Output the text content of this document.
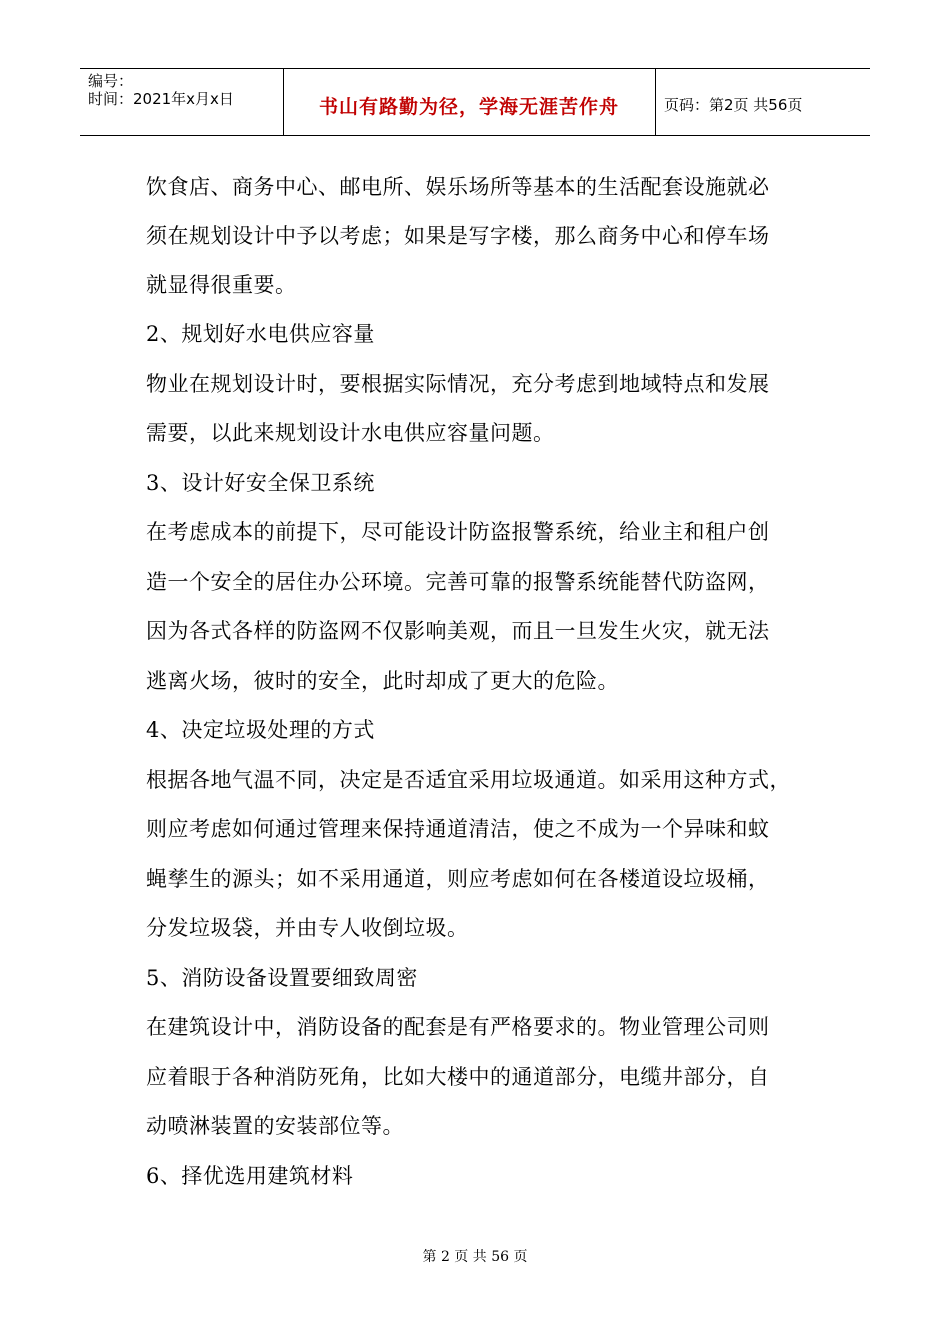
编号：
时间：2021年x月x日	书山有路勤为径，学海无涯苦作舟	页码：第2页 共56页
饮食店、商务中心、邮电所、娱乐场所等基本的生活配套设施就必
须在规划设计中予以考虑；如果是写字楼，那么商务中心和停车场
就显得很重要。
2、规划好水电供应容量
物业在规划设计时，要根据实际情况，充分考虑到地域特点和发展
需要，以此来规划设计水电供应容量问题。
3、设计好安全保卫系统
在考虑成本的前提下，尽可能设计防盗报警系统，给业主和租户创
造一个安全的居住办公环境。完善可靠的报警系统能替代防盗网，
因为各式各样的防盗网不仅影响美观，而且一旦发生火灾，就无法
逃离火场，彼时的安全，此时却成了更大的危险。
4、决定垃圾处理的方式
根据各地气温不同，决定是否适宜采用垃圾通道。如采用这种方式，
则应考虑如何通过管理来保持通道清洁，使之不成为一个异味和蚊
蝇孳生的源头；如不采用通道，则应考虑如何在各楼道设垃圾桶，
分发垃圾袋，并由专人收倒垃圾。
5、消防设备设置要细致周密
在建筑设计中，消防设备的配套是有严格要求的。物业管理公司则
应着眼于各种消防死角，比如大楼中的通道部分，电缆井部分，自
动喷淋装置的安装部位等。
6、择优选用建筑材料
第 2 页 共 56 页
